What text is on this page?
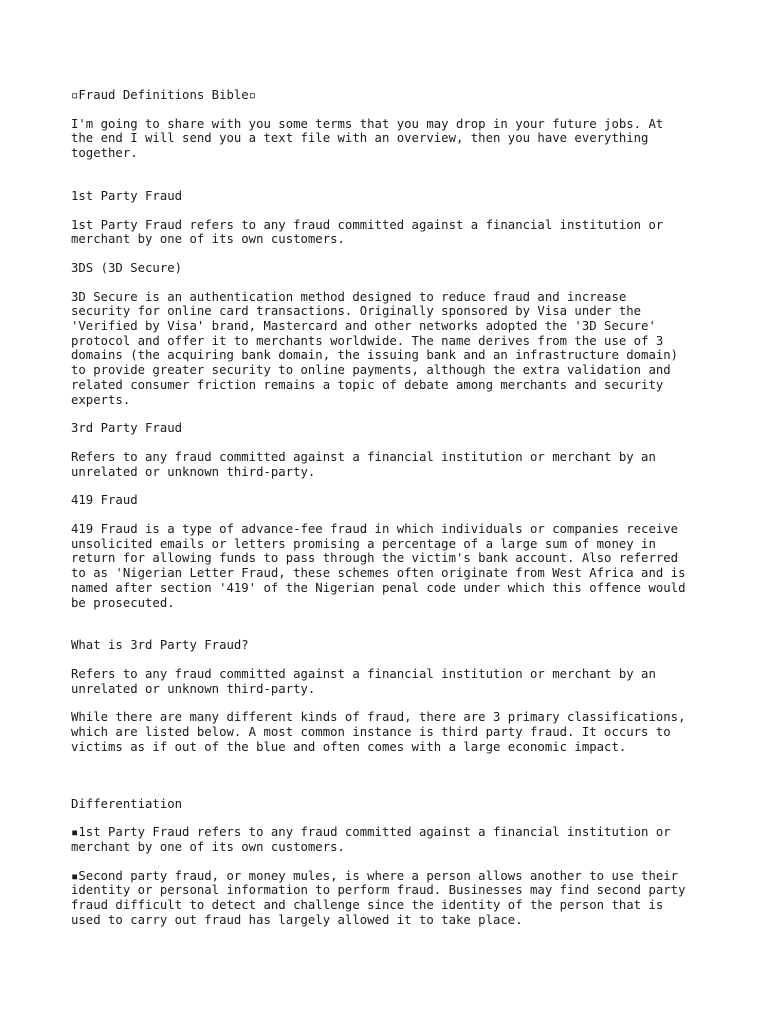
▫Fraud Definitions Bible▫

I'm going to share with you some terms that you may drop in your future jobs. At
the end I will send you a text file with an overview, then you have everything
together.

1st Party Fraud

1st Party Fraud refers to any fraud committed against a financial institution or
merchant by one of its own customers.

3DS (3D Secure)

3D Secure is an authentication method designed to reduce fraud and increase
security for online card transactions. Originally sponsored by Visa under the
'Verified by Visa' brand, Mastercard and other networks adopted the '3D Secure'
protocol and offer it to merchants worldwide. The name derives from the use of 3
domains (the acquiring bank domain, the issuing bank and an infrastructure domain)
to provide greater security to online payments, although the extra validation and
related consumer friction remains a topic of debate among merchants and security
experts.

3rd Party Fraud

Refers to any fraud committed against a financial institution or merchant by an
unrelated or unknown third-party.

419 Fraud

419 Fraud is a type of advance-fee fraud in which individuals or companies receive
unsolicited emails or letters promising a percentage of a large sum of money in
return for allowing funds to pass through the victim's bank account. Also referred
to as 'Nigerian Letter Fraud, these schemes often originate from West Africa and is
named after section '419' of the Nigerian penal code under which this offence would
be prosecuted.

What is 3rd Party Fraud?

Refers to any fraud committed against a financial institution or merchant by an
unrelated or unknown third-party.

While there are many different kinds of fraud, there are 3 primary classifications,
which are listed below. A most common instance is third party fraud. It occurs to
victims as if out of the blue and often comes with a large economic impact.

Differentiation

▪1st Party Fraud refers to any fraud committed against a financial institution or
merchant by one of its own customers.

▪Second party fraud, or money mules, is where a person allows another to use their
identity or personal information to perform fraud. Businesses may find second party
fraud difficult to detect and challenge since the identity of the person that is
used to carry out fraud has largely allowed it to take place.
